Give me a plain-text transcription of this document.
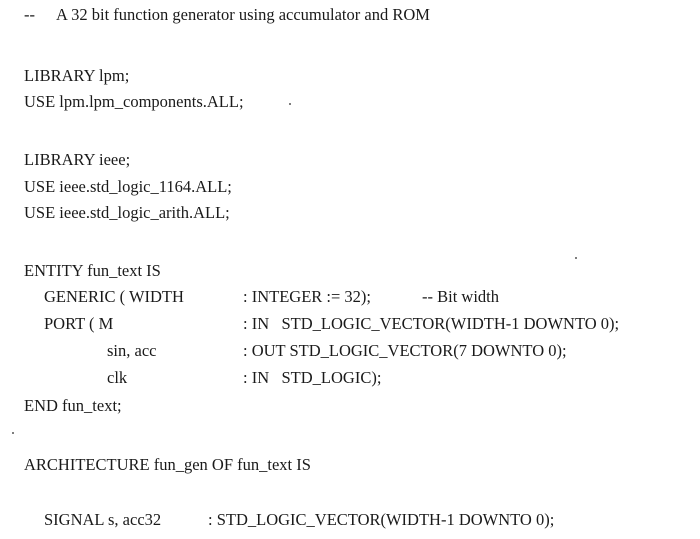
-- A 32 bit function generator using accumulator and ROM
LIBRARY lpm;
USE lpm.lpm_components.ALL;
LIBRARY ieee;
USE ieee.std_logic_1164.ALL;
USE ieee.std_logic_arith.ALL;
ENTITY fun_text IS
GENERIC ( WIDTH	: INTEGER := 32);	-- Bit width
PORT ( M	: IN   STD_LOGIC_VECTOR(WIDTH-1 DOWNTO 0);
sin, acc	: OUT STD_LOGIC_VECTOR(7 DOWNTO 0);
clk	: IN   STD_LOGIC);
END fun_text;
ARCHITECTURE fun_gen OF fun_text IS
SIGNAL s, acc32	: STD_LOGIC_VECTOR(WIDTH-1 DOWNTO 0);
